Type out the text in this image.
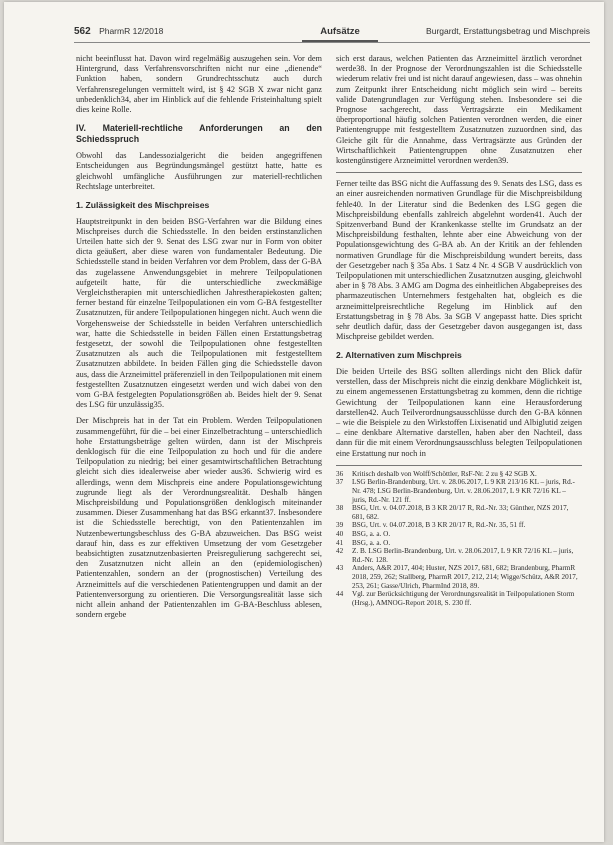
562 PharmR 12/2018	Aufsätze	Burgardt, Erstattungsbetrag und Mischpreis

nicht beeinflusst hat. Davon wird regelmäßig auszugehen sein. Vor dem Hintergrund, dass Verfahrensvorschriften nicht nur eine „dienende“ Funktion haben, sondern Grundrechtsschutz auch durch Verfahrensregelungen vermittelt wird, ist § 42 SGB X zwar nicht ganz unbedenklich34, aber im Hinblick auf die fehlende Fristeinhaltung spielt dies keine Rolle.

IV. Materiell-rechtliche Anforderungen an den Schiedsspruch

Obwohl das Landessozialgericht die beiden angegriffenen Entscheidungen aus Begründungsmängel gestützt hatte, hatte es gleichwohl umfängliche Ausführungen zur materiell-rechtlichen Rechtslage unterbreitet.

1. Zulässigkeit des Mischpreises

Hauptstreitpunkt in den beiden BSG-Verfahren war die Bildung eines Mischpreises durch die Schiedsstelle. In den beiden erstinstanzlichen Urteilen hatte sich der 9. Senat des LSG zwar nur in Form von obiter dicta geäußert, aber diese waren von fundamentaler Bedeutung. Die Schiedsstelle stand in beiden Verfahren vor dem Problem, dass der G-BA das zugelassene Anwendungsgebiet in mehrere Teilpopulationen aufgeteilt hatte, für die unterschiedliche zweckmäßige Vergleichstherapien mit unterschiedlichen Jahrestherapiekosten galten; ferner bestand für einzelne Teilpopulationen ein vom G-BA festgestellter Zusatznutzen, für andere Teilpopulationen hingegen nicht. Auch wenn die Vorgehensweise der Schiedsstelle in beiden Verfahren unterschiedlich war, hatte die Schiedsstelle in beiden Fällen einen Erstattungsbetrag festgesetzt, der sowohl die Teilpopulationen ohne festgestellten Zusatznutzen als auch die Teilpopulationen mit festgestelltem Zusatznutzen abbildete. In beiden Fällen ging die Schiedsstelle davon aus, dass die Arzneimittel präferenziell in den Teilpopulationen mit einem festgestellten Zusatznutzen eingesetzt werden und wich dabei von den vom G-BA festgelegten Populationsgrößen ab. Beides hielt der 9. Senat des LSG für unzulässig35.

Der Mischpreis hat in der Tat ein Problem. Werden Teilpopulationen zusammengeführt, für die – bei einer Einzelbetrachtung – unterschiedlich hohe Erstattungsbeträge gelten würden, dann ist der Mischpreis denklogisch für die eine Teilpopulation zu hoch und für die andere Teilpopulation zu niedrig; bei einer gesamtwirtschaftlichen Betrachtung gleicht sich dies idealerweise aber wieder aus36. Schwierig wird es allerdings, wenn dem Mischpreis eine andere Populationsgewichtung zugrunde liegt als der Verordnungsrealität. Deshalb hängen Mischpreisbildung und Populationsgrößen denklogisch miteinander zusammen. Dieser Zusammenhang hat das BSG erkannt37. Insbesondere ist die Schiedsstelle berechtigt, von den Patientenzahlen im Nutzenbewertungsbeschluss des G-BA abzuweichen. Das BSG weist darauf hin, dass es zur effektiven Umsetzung der vom Gesetzgeber beabsichtigten zusatznutzenbasierten Preisregulierung sachgerecht sei, den Zusatznutzen nicht allein an den (epidemiologischen) Patientenzahlen, sondern an der (prognostischen) Verteilung des Arzneimittels auf die verschiedenen Patientengruppen und damit an der Patientenversorgung zu orientieren. Die Versorgungsrealität lasse sich nicht allein anhand der Patientenzahlen im G-BA-Beschluss ablesen, sondern ergebe

sich erst daraus, welchen Patienten das Arzneimittel ärztlich verordnet werde38. In der Prognose der Verordnungszahlen ist die Schiedsstelle wiederum relativ frei und ist nicht darauf angewiesen, dass – was ohnehin zum Zeitpunkt ihrer Entscheidung nicht möglich sein wird – bereits valide Datengrundlagen zur Verfügung stehen. Insbesondere sei die Prognose sachgerecht, dass Vertragsärzte ein Medikament überproportional häufig solchen Patienten verordnen werden, die einer Patientengruppe mit festgestelltem Zusatznutzen zuzuordnen sind, das Gleiche gilt für die Annahme, dass Vertragsärzte aus Gründen der Wirtschaftlichkeit Patientengruppen ohne Zusatznutzen eher kostengünstigere Arzneimittel verordnen werden39.

Ferner teilte das BSG nicht die Auffassung des 9. Senats des LSG, dass es an einer ausreichenden normativen Grundlage für die Mischpreisbildung fehle40. In der Literatur sind die Bedenken des LSG gegen die Mischpreisbildung ebenfalls zahlreich abgelehnt worden41. Auch der Spitzenverband Bund der Krankenkasse stellte im Grundsatz an der Mischpreisbildung festhalten, lehnte aber eine Abweichung von der Populationsgewichtung des G-BA ab. An der Kritik an der fehlenden normativen Grundlage für die Mischpreisbildung wundert bereits, dass der Gesetzgeber nach § 35a Abs. 1 Satz 4 Nr. 4 SGB V ausdrücklich von Teilpopulationen mit unterschiedlichen Zusatznutzen ausging, gleichwohl aber in § 78 Abs. 3 AMG am Dogma des einheitlichen Abgabepreises des pharmazeutischen Unternehmers festgehalten hat, obgleich es die arzneimittelpreisrechtliche Regelung im Hinblick auf den Erstattungsbetrag in § 78 Abs. 3a SGB V angepasst hatte. Dies spricht sehr deutlich dafür, dass der Gesetzgeber davon ausgegangen ist, dass Mischpreise gebildet werden.

2. Alternativen zum Mischpreis

Die beiden Urteile des BSG sollten allerdings nicht den Blick dafür verstellen, dass der Mischpreis nicht die einzig denkbare Möglichkeit ist, zu einem angemessenen Erstattungsbetrag zu kommen, denn die richtige Gewichtung der Teilpopulationen kann eine Herausforderung darstellen42. Auch Teilverordnungsausschlüsse durch den G-BA können – wie die Beispiele zu den Wirkstoffen Lixisenatid und Albiglutid zeigen – eine denkbare Alternative darstellen, haben aber den Nachteil, dass dann für die mit einem Verordnungsausschluss belegten Teilpopulationen eine Erstattung nur noch in

36	Kritisch deshalb von Wolff/Schöttler, RsF-Nr. 2 zu § 42 SGB X.
37	LSG Berlin-Brandenburg, Urt. v. 28.06.2017, L 9 KR 213/16 KL – juris, Rd.-Nr. 478; LSG Berlin-Brandenburg, Urt. v. 28.06.2017, L 9 KR 72/16 KL – juris, Rd.-Nr. 121 ff.
38	BSG, Urt. v. 04.07.2018, B 3 KR 20/17 R, Rd.-Nr. 33; Günther, NZS 2017, 681, 682.
39	BSG, Urt. v. 04.07.2018, B 3 KR 20/17 R, Rd.-Nr. 35, 51 ff.
40	BSG, a. a. O.
41	BSG, a. a. O.
42	Z. B. LSG Berlin-Brandenburg, Urt. v. 28.06.2017, L 9 KR 72/16 KL – juris, Rd.-Nr. 128.
43	Anders, A&R 2017, 404; Huster, NZS 2017, 681, 682; Brandenburg, PharmR 2018, 259, 262; Stallberg, PharmR 2017, 212, 214; Wigge/Schütz, A&R 2017, 253, 261; Gasse/Ulrich, PharmInd 2018, 89.
44	Vgl. zur Berücksichtigung der Verordnungsrealität in Teilpopulationen Storm (Hrsg.), AMNOG-Report 2018, S. 230 ff.
